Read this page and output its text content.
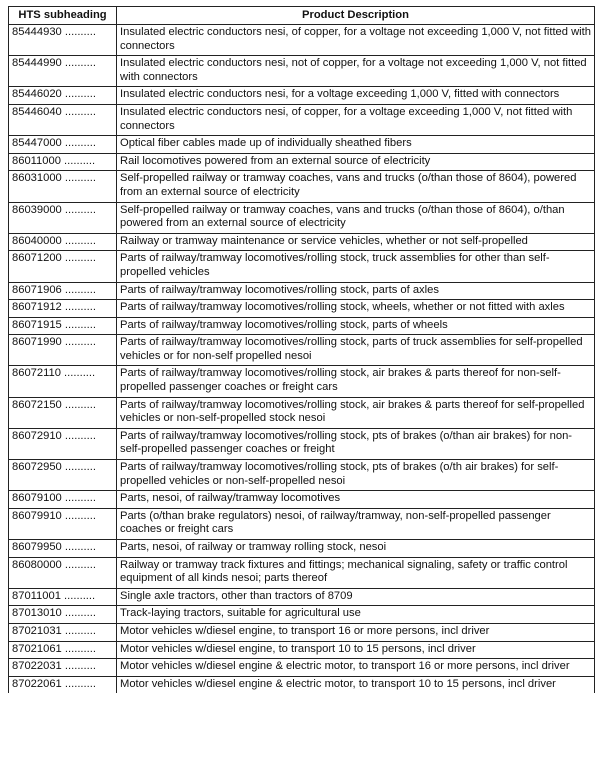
HTS subheading	Product Description
85444930 ..........	Insulated electric conductors nesi, of copper, for a voltage not exceeding 1,000 V, not fitted with connectors
85444990 ..........	Insulated electric conductors nesi, not of copper, for a voltage not exceeding 1,000 V, not fitted with connectors
85446020 ..........	Insulated electric conductors nesi, for a voltage exceeding 1,000 V, fitted with connectors
85446040 ..........	Insulated electric conductors nesi, of copper, for a voltage exceeding 1,000 V, not fitted with connectors
85447000 ..........	Optical fiber cables made up of individually sheathed fibers
86011000 ..........	Rail locomotives powered from an external source of electricity
86031000 ..........	Self-propelled railway or tramway coaches, vans and trucks (o/than those of 8604), powered from an external source of electricity
86039000 ..........	Self-propelled railway or tramway coaches, vans and trucks (o/than those of 8604), o/than powered from an external source of electricity
86040000 ..........	Railway or tramway maintenance or service vehicles, whether or not self-propelled
86071200 ..........	Parts of railway/tramway locomotives/rolling stock, truck assemblies for other than self-propelled vehicles
86071906 ..........	Parts of railway/tramway locomotives/rolling stock, parts of axles
86071912 ..........	Parts of railway/tramway locomotives/rolling stock, wheels, whether or not fitted with axles
86071915 ..........	Parts of railway/tramway locomotives/rolling stock, parts of wheels
86071990 ..........	Parts of railway/tramway locomotives/rolling stock, parts of truck assemblies for self-propelled vehicles or for non-self propelled nesoi
86072110 ..........	Parts of railway/tramway locomotives/rolling stock, air brakes & parts thereof for non-self-propelled passenger coaches or freight cars
86072150 ..........	Parts of railway/tramway locomotives/rolling stock, air brakes & parts thereof for self-propelled vehicles or non-self-propelled stock nesoi
86072910 ..........	Parts of railway/tramway locomotives/rolling stock, pts of brakes (o/than air brakes) for non-self-propelled passenger coaches or freight
86072950 ..........	Parts of railway/tramway locomotives/rolling stock, pts of brakes (o/th air brakes) for self-propelled vehicles or non-self-propelled nesoi
86079100 ..........	Parts, nesoi, of railway/tramway locomotives
86079910 ..........	Parts (o/than brake regulators) nesoi, of railway/tramway, non-self-propelled passenger coaches or freight cars
86079950 ..........	Parts, nesoi, of railway or tramway rolling stock, nesoi
86080000 ..........	Railway or tramway track fixtures and fittings; mechanical signaling, safety or traffic control equipment of all kinds nesoi; parts thereof
87011001 ..........	Single axle tractors, other than tractors of 8709
87013010 ..........	Track-laying tractors, suitable for agricultural use
87021031 ..........	Motor vehicles w/diesel engine, to transport 16 or more persons, incl driver
87021061 ..........	Motor vehicles w/diesel engine, to transport 10 to 15 persons, incl driver
87022031 ..........	Motor vehicles w/diesel engine & electric motor, to transport 16 or more persons, incl driver
87022061 ..........	Motor vehicles w/diesel engine & electric motor, to transport 10 to 15 persons, incl driver
